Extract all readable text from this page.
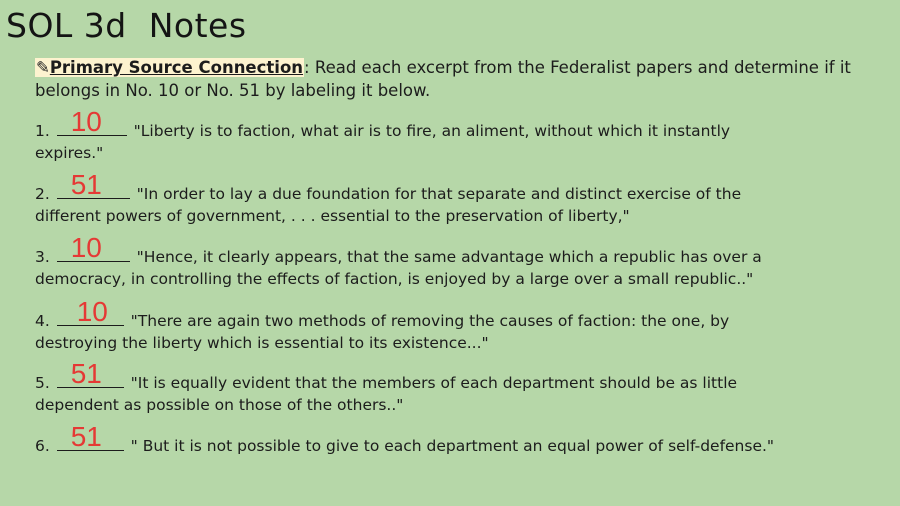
SOL 3d  Notes
✎Primary Source Connection: Read each excerpt from the Federalist papers and determine if it belongs in No. 10 or No. 51 by labeling it below.
1. 10 "Liberty is to faction, what air is to fire, an aliment, without which it instantly
expires."
2. 51 "In order to lay a due foundation for that separate and distinct exercise of the
different powers of government, . . . essential to the preservation of liberty,"
3. 10 "Hence, it clearly appears, that the same advantage which a republic has over a
democracy, in controlling the effects of faction, is enjoyed by a large over a small republic.."
4. 10 "There are again two methods of removing the causes of faction: the one, by
destroying the liberty which is essential to its existence..."
5. 51 "It is equally evident that the members of each department should be as little
dependent as possible on those of the others.."
6. 51 " But it is not possible to give to each department an equal power of self-defense."
